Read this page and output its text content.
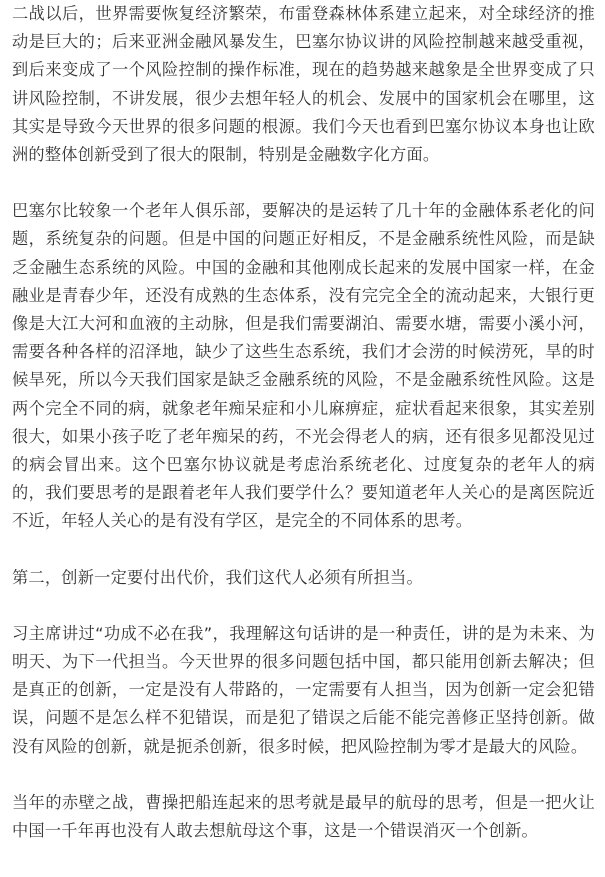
二战以后，世界需要恢复经济繁荣，布雷登森林体系建立起来，对全球经济的推动是巨大的；后来亚洲金融风暴发生，巴塞尔协议讲的风险控制越来越受重视，到后来变成了一个风险控制的操作标准，现在的趋势越来越象是全世界变成了只讲风险控制，不讲发展，很少去想年轻人的机会、发展中的国家机会在哪里，这其实是导致今天世界的很多问题的根源。我们今天也看到巴塞尔协议本身也让欧洲的整体创新受到了很大的限制，特别是金融数字化方面。

巴塞尔比较象一个老年人俱乐部，要解决的是运转了几十年的金融体系老化的问题，系统复杂的问题。但是中国的问题正好相反，不是金融系统性风险，而是缺乏金融生态系统的风险。中国的金融和其他刚成长起来的发展中国家一样，在金融业是青春少年，还没有成熟的生态体系，没有完完全全的流动起来，大银行更像是大江大河和血液的主动脉，但是我们需要湖泊、需要水塘，需要小溪小河，需要各种各样的沼泽地，缺少了这些生态系统，我们才会涝的时候涝死，旱的时候旱死，所以今天我们国家是缺乏金融系统的风险，不是金融系统性风险。这是两个完全不同的病，就象老年痴呆症和小儿麻痹症，症状看起来很象，其实差别很大，如果小孩子吃了老年痴呆的药，不光会得老人的病，还有很多见都没见过的病会冒出来。这个巴塞尔协议就是考虑治系统老化、过度复杂的老年人的病的，我们要思考的是跟着老年人我们要学什么？要知道老年人关心的是离医院近不近，年轻人关心的是有没有学区，是完全的不同体系的思考。

第二，创新一定要付出代价，我们这代人必须有所担当。

习主席讲过“功成不必在我”，我理解这句话讲的是一种责任，讲的是为未来、为明天、为下一代担当。今天世界的很多问题包括中国，都只能用创新去解决；但是真正的创新，一定是没有人带路的，一定需要有人担当，因为创新一定会犯错误，问题不是怎么样不犯错误，而是犯了错误之后能不能完善修正坚持创新。做没有风险的创新，就是扼杀创新，很多时候，把风险控制为零才是最大的风险。

当年的赤壁之战，曹操把船连起来的思考就是最早的航母的思考，但是一把火让中国一千年再也没有人敢去想航母这个事，这是一个错误消灭一个创新。
